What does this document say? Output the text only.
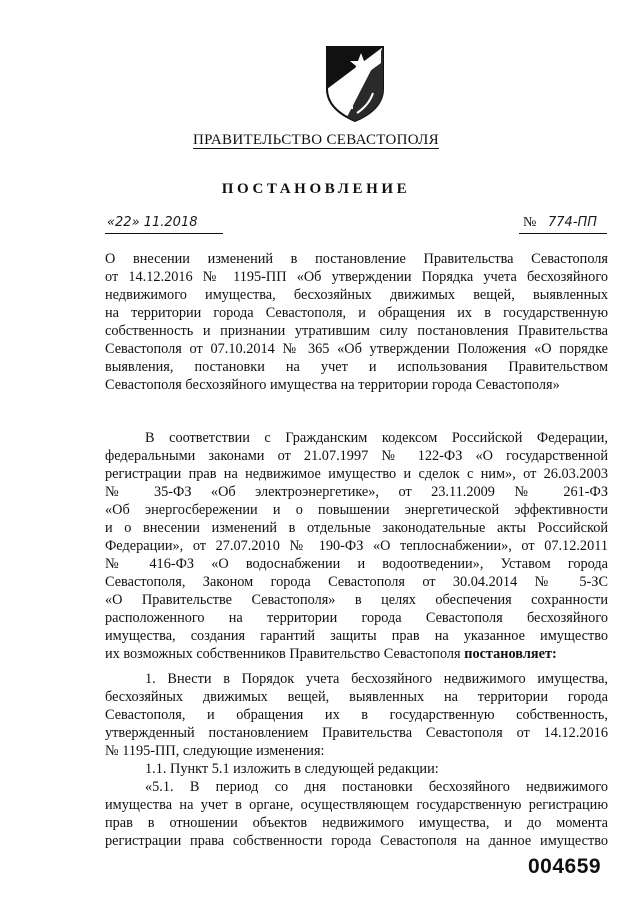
ПРАВИТЕЛЬСТВО СЕВАСТОПОЛЯ
ПОСТАНОВЛЕНИЕ
«22» 11.2018	№ 774-ПП
О внесении изменений в постановление Правительства Севастополя
от 14.12.2016 № 1195-ПП «Об утверждении Порядка учета бесхозяйного
недвижимого имущества, бесхозяйных движимых вещей, выявленных
на территории города Севастополя, и обращения их в государственную
собственность и признании утратившим силу постановления Правительства
Севастополя от 07.10.2014 № 365 «Об утверждении Положения «О порядке
выявления, постановки на учет и использования Правительством
Севастополя бесхозяйного имущества на территории города Севастополя»
В соответствии с Гражданским кодексом Российской Федерации,
федеральными законами от 21.07.1997 № 122-ФЗ «О государственной
регистрации прав на недвижимое имущество и сделок с ним», от 26.03.2003
№ 35-ФЗ «Об электроэнергетике», от 23.11.2009 № 261-ФЗ
«Об энергосбережении и о повышении энергетической эффективности
и о внесении изменений в отдельные законодательные акты Российской
Федерации», от 27.07.2010 № 190-ФЗ «О теплоснабжении», от 07.12.2011
№ 416-ФЗ «О водоснабжении и водоотведении», Уставом города
Севастополя, Законом города Севастополя от 30.04.2014 № 5-ЗС
«О Правительстве Севастополя» в целях обеспечения сохранности
расположенного на территории города Севастополя бесхозяйного
имущества, создания гарантий защиты прав на указанное имущество
их возможных собственников Правительство Севастополя постановляет:
1. Внести в Порядок учета бесхозяйного недвижимого имущества,
бесхозяйных движимых вещей, выявленных на территории города
Севастополя, и обращения их в государственную собственность,
утвержденный постановлением Правительства Севастополя от 14.12.2016
№ 1195-ПП, следующие изменения:
1.1. Пункт 5.1 изложить в следующей редакции:
«5.1. В период со дня постановки бесхозяйного недвижимого
имущества на учет в органе, осуществляющем государственную регистрацию
прав в отношении объектов недвижимого имущества, и до момента
регистрации права собственности города Севастополя на данное имущество
004659
